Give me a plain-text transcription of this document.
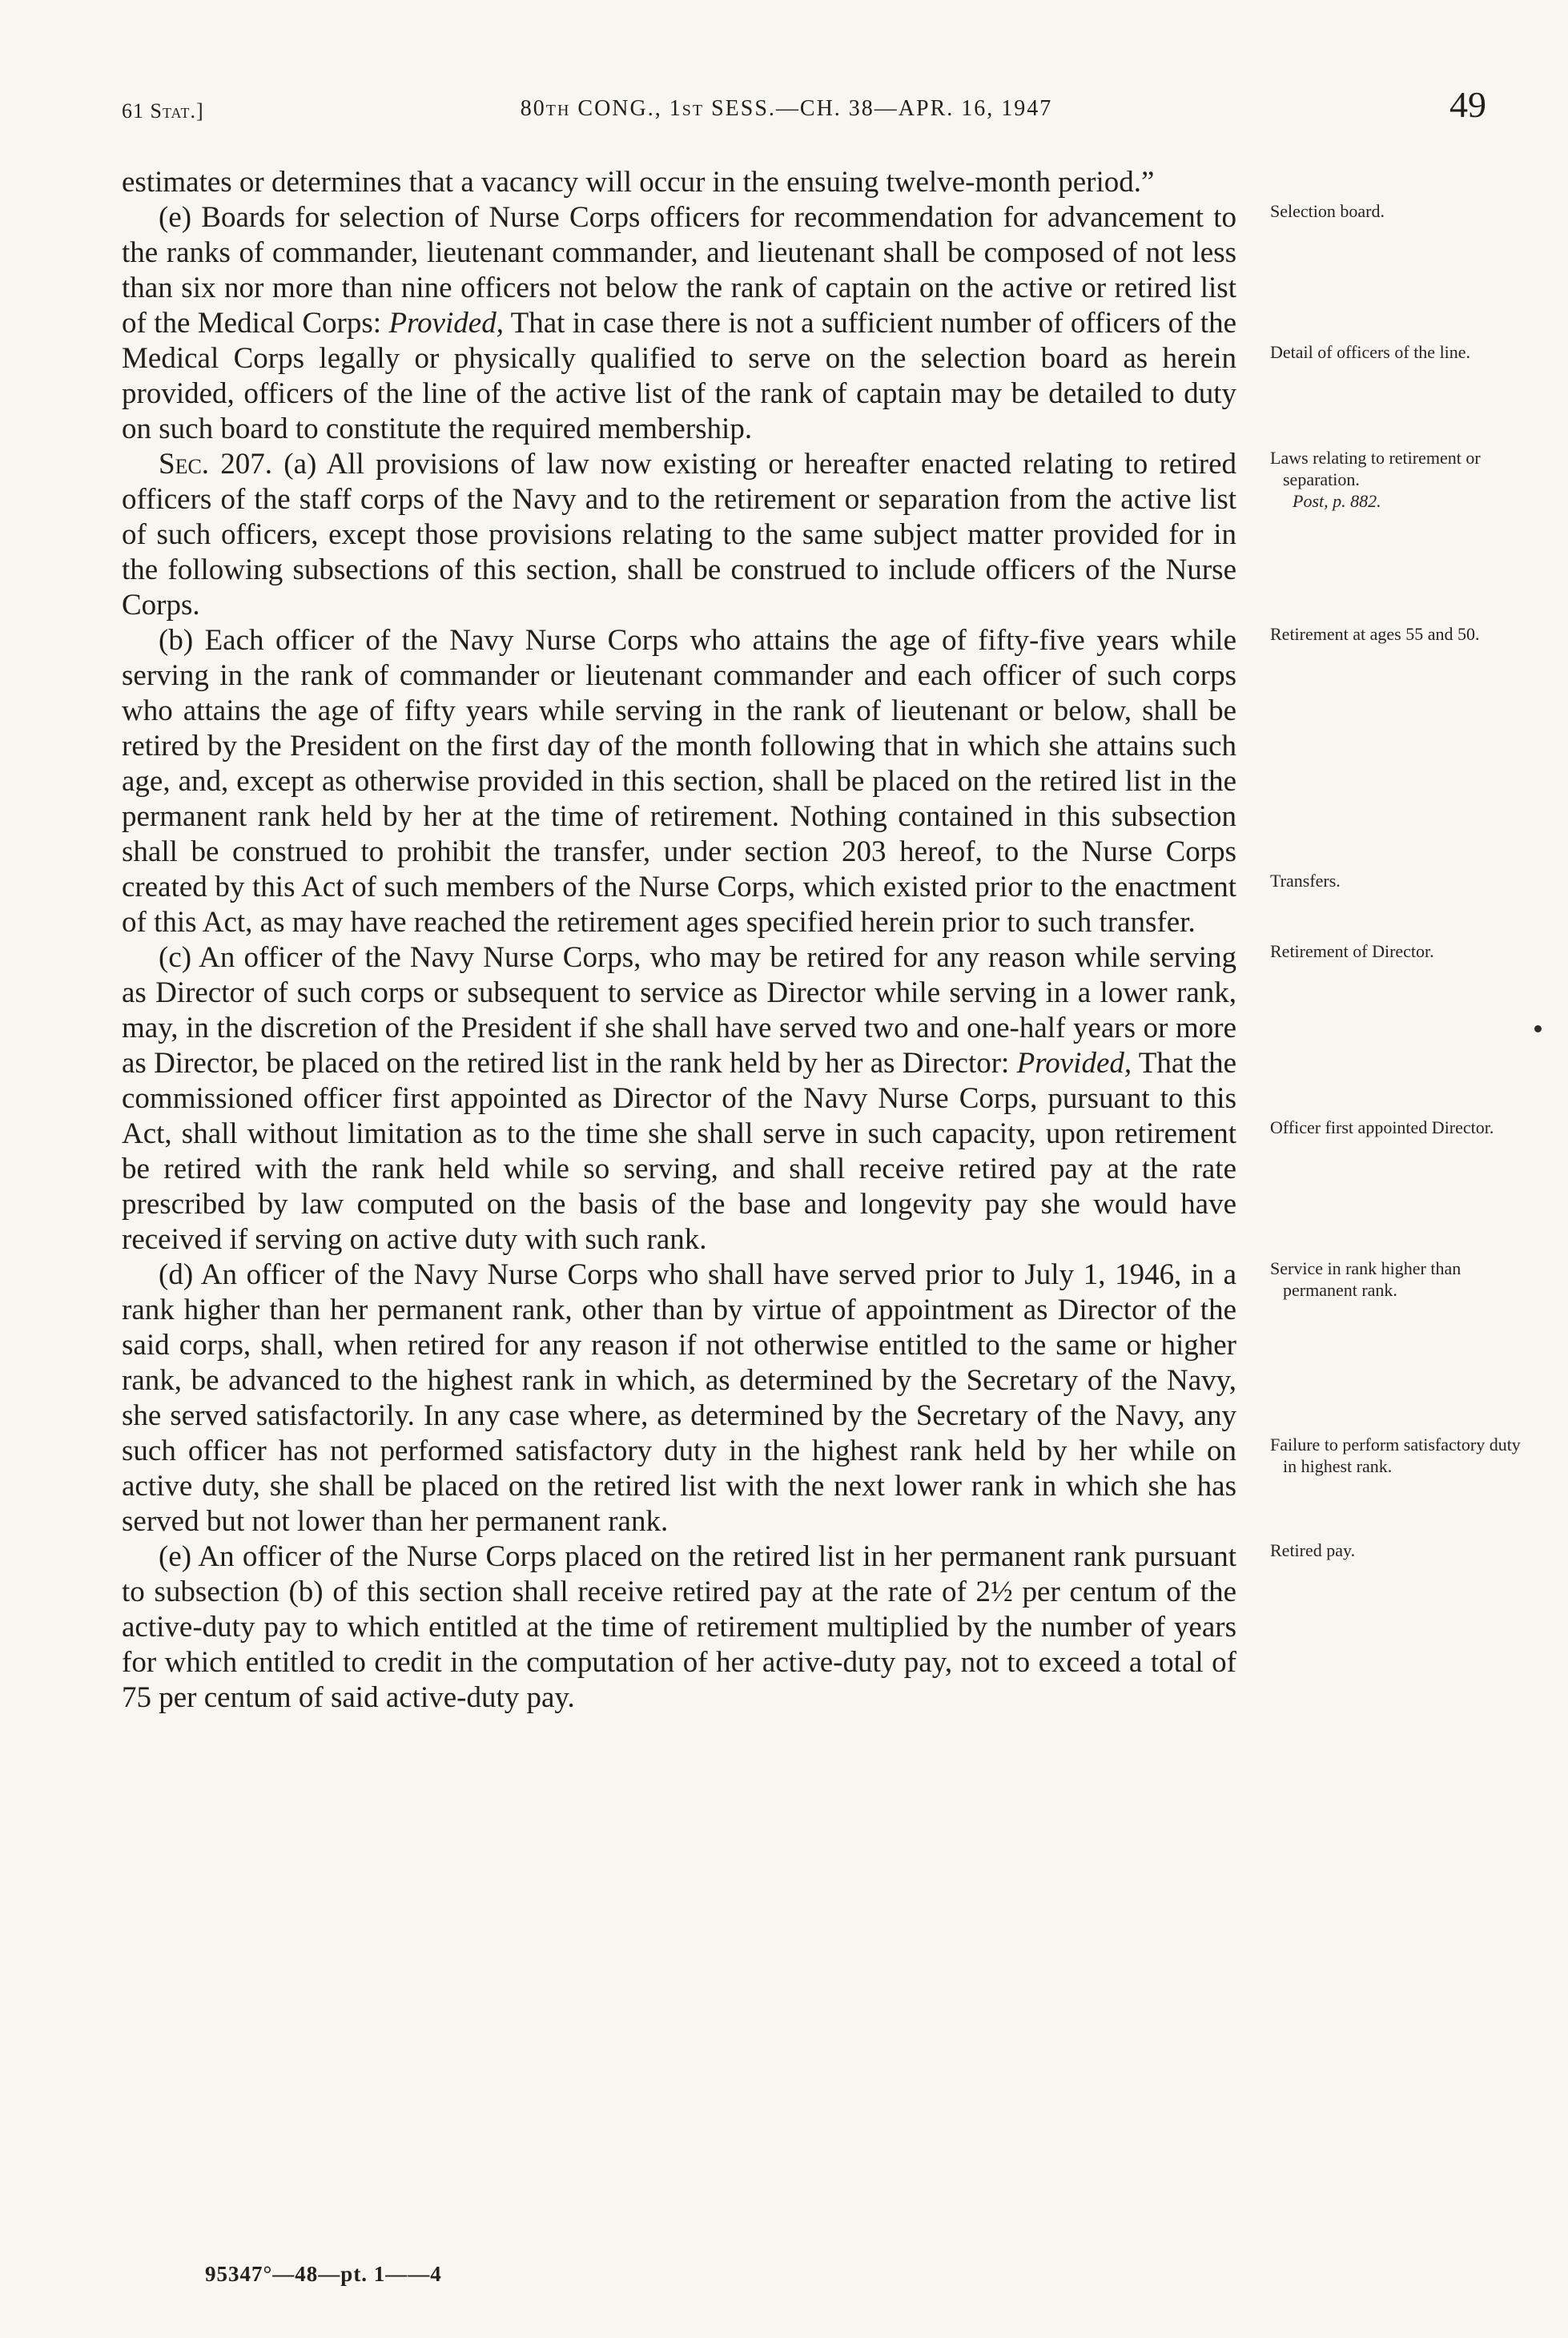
61 Stat.]	80th CONG., 1st SESS.—CH. 38—APR. 16, 1947	49

estimates or determines that a vacancy will occur in the ensuing twelve-month period.”

(e) Boards for selection of Nurse Corps officers for recommendation for advancement to the ranks of commander, lieutenant commander, and lieutenant shall be composed of not less than six nor more than nine officers not below the rank of captain on the active or retired list of the Medical Corps: Provided, That in case there is not a sufficient number of officers of the Medical Corps legally or physically qualified to serve on the selection board as herein provided, officers of the line of the active list of the rank of captain may be detailed to duty on such board to constitute the required membership.

Selection board.
Detail of officers of the line.

Sec. 207. (a) All provisions of law now existing or hereafter enacted relating to retired officers of the staff corps of the Navy and to the retirement or separation from the active list of such officers, except those provisions relating to the same subject matter provided for in the following subsections of this section, shall be construed to include officers of the Nurse Corps.

Laws relating to retirement or separation.
Post, p. 882.

(b) Each officer of the Navy Nurse Corps who attains the age of fifty-five years while serving in the rank of commander or lieutenant commander and each officer of such corps who attains the age of fifty years while serving in the rank of lieutenant or below, shall be retired by the President on the first day of the month following that in which she attains such age, and, except as otherwise provided in this section, shall be placed on the retired list in the permanent rank held by her at the time of retirement. Nothing contained in this subsection shall be construed to prohibit the transfer, under section 203 hereof, to the Nurse Corps created by this Act of such members of the Nurse Corps, which existed prior to the enactment of this Act, as may have reached the retirement ages specified herein prior to such transfer.

Retirement at ages 55 and 50.
Transfers.

(c) An officer of the Navy Nurse Corps, who may be retired for any reason while serving as Director of such corps or subsequent to service as Director while serving in a lower rank, may, in the discretion of the President if she shall have served two and one-half years or more as Director, be placed on the retired list in the rank held by her as Director: Provided, That the commissioned officer first appointed as Director of the Navy Nurse Corps, pursuant to this Act, shall without limitation as to the time she shall serve in such capacity, upon retirement be retired with the rank held while so serving, and shall receive retired pay at the rate prescribed by law computed on the basis of the base and longevity pay she would have received if serving on active duty with such rank.

Retirement of Director.
Officer first appointed Director.

(d) An officer of the Navy Nurse Corps who shall have served prior to July 1, 1946, in a rank higher than her permanent rank, other than by virtue of appointment as Director of the said corps, shall, when retired for any reason if not otherwise entitled to the same or higher rank, be advanced to the highest rank in which, as determined by the Secretary of the Navy, she served satisfactorily. In any case where, as determined by the Secretary of the Navy, any such officer has not performed satisfactory duty in the highest rank held by her while on active duty, she shall be placed on the retired list with the next lower rank in which she has served but not lower than her permanent rank.

Service in rank higher than permanent rank.
Failure to perform satisfactory duty in highest rank.

(e) An officer of the Nurse Corps placed on the retired list in her permanent rank pursuant to subsection (b) of this section shall receive retired pay at the rate of 2½ per centum of the active-duty pay to which entitled at the time of retirement multiplied by the number of years for which entitled to credit in the computation of her active-duty pay, not to exceed a total of 75 per centum of said active-duty pay.

Retired pay.
95347°—48—pt. 1——4
